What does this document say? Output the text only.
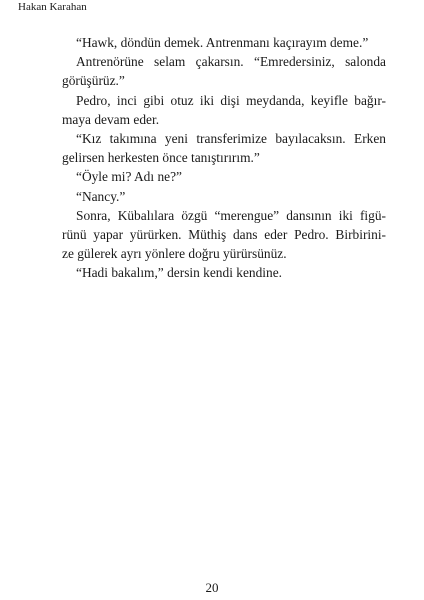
Hakan Karahan
“Hawk, döndün demek. Antrenmanı kaçırayım deme.”
Antrenörüne selam çakarsın. “Emredersiniz, salonda
görüşürüz.”
Pedro, inci gibi otuz iki dişi meydanda, keyifle bağır-
maya devam eder.
“Kız takımına yeni transferimize bayılacaksın. Erken
gelirsen herkesten önce tanıştırırım.”
“Öyle mi? Adı ne?”
“Nancy.”
Sonra, Kübalılara özgü “merengue” dansının iki figü-
rünü yapar yürürken. Müthiş dans eder Pedro. Birbirini-
ze gülerek ayrı yönlere doğru yürürsünüz.
“Hadi bakalım,” dersin kendi kendine.
20
